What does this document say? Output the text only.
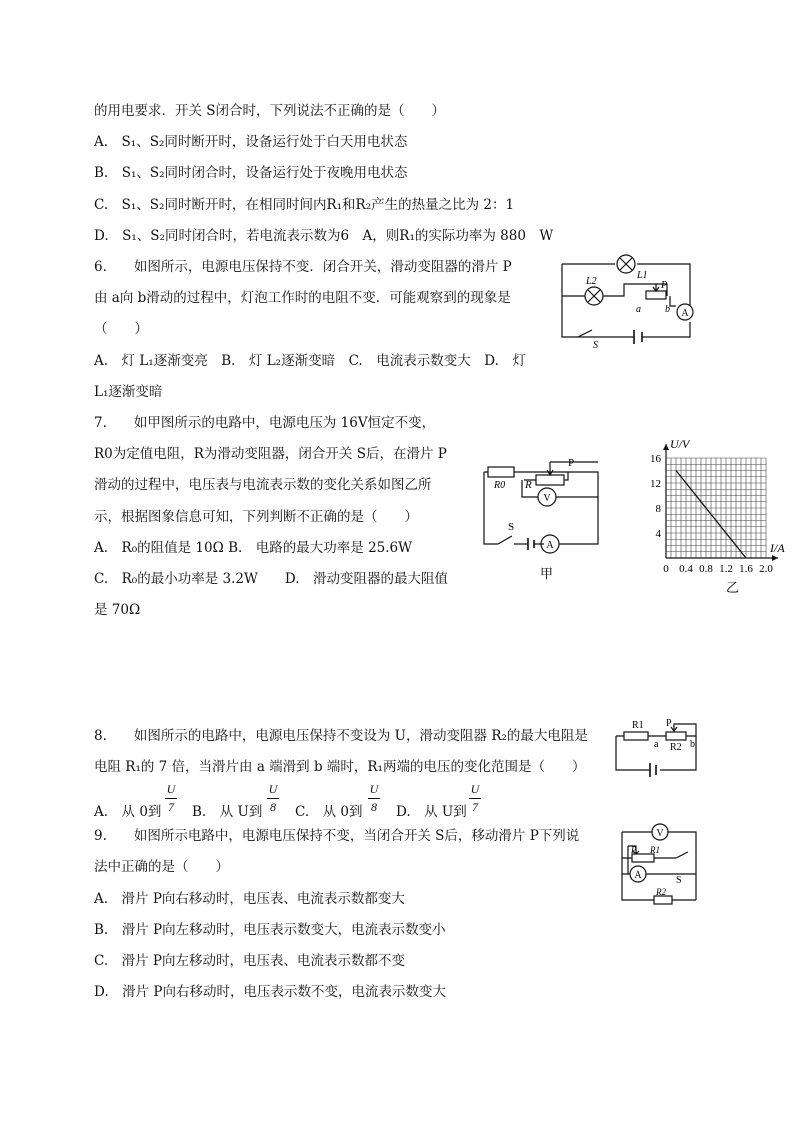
的用电要求．开关 S闭合时，下列说法不正确的是（　　）
A.　S₁、S₂同时断开时，设备运行处于白天用电状态
B.　S₁、S₂同时闭合时，设备运行处于夜晚用电状态
C.　S₁、S₂同时断开时，在相同时间内R₁和R₂产生的热量之比为 2：1
D.　S₁、S₂同时闭合时，若电流表示数为6　A，则R₁的实际功率为 880　W
6.　　如图所示，电源电压保持不变．闭合开关，滑动变阻器的滑片 P
由 a向 b滑动的过程中，灯泡工作时的电阻不变．可能观察到的现象是
（　　）
A.　灯 L₁逐渐变亮　B.　灯 L₂逐渐变暗　C.　电流表示数变大　D.　灯
L₁逐渐变暗
L2
L1
P
a b A
S
7.　　如甲图所示的电路中，电源电压为 16V恒定不变，
R0为定值电阻，R为滑动变阻器，闭合开关 S后，在滑片 P
滑动的过程中，电压表与电流表示数的变化关系如图乙所
示，根据图象信息可知，下列判断不正确的是（　　）
A.　R₀的阻值是 10Ω B.　电路的最大功率是 25.6W
C.　R₀的最小功率是 3.2W　　D.　滑动变阻器的最大阻值
是 70Ω
R0 R
P
V
S
A
甲	0 0.4 0.8 1.2 1.6 2.0
4
8
12
16
U/V
I/A
乙
8.　　如图所示的电路中，电源电压保持不变设为 U，滑动变阻器 R₂的最大电阻是
电阻 R₁的 7 倍，当滑片由 a 端滑到 b 端时，R₁两端的电压的变化范围是（　　）
A.　从 0到
U
7 B.　从 U到
U
8 C.　从 0到
U
8 D.　从 U到
U
7
R1 P
a R2 b
9.　　如图所示电路中，电源电压保持不变，当闭合开关 S后，移动滑片 P下列说
法中正确的是（　　）
A.　滑片 P向右移动时，电压表、电流表示数都变大
B.　滑片 P向左移动时，电压表示数变大，电流表示数变小
C.　滑片 P向左移动时，电压表、电流表示数都不变
D.　滑片 P向右移动时，电压表示数不变，电流表示数变大
V
P R1
A	S
R2
